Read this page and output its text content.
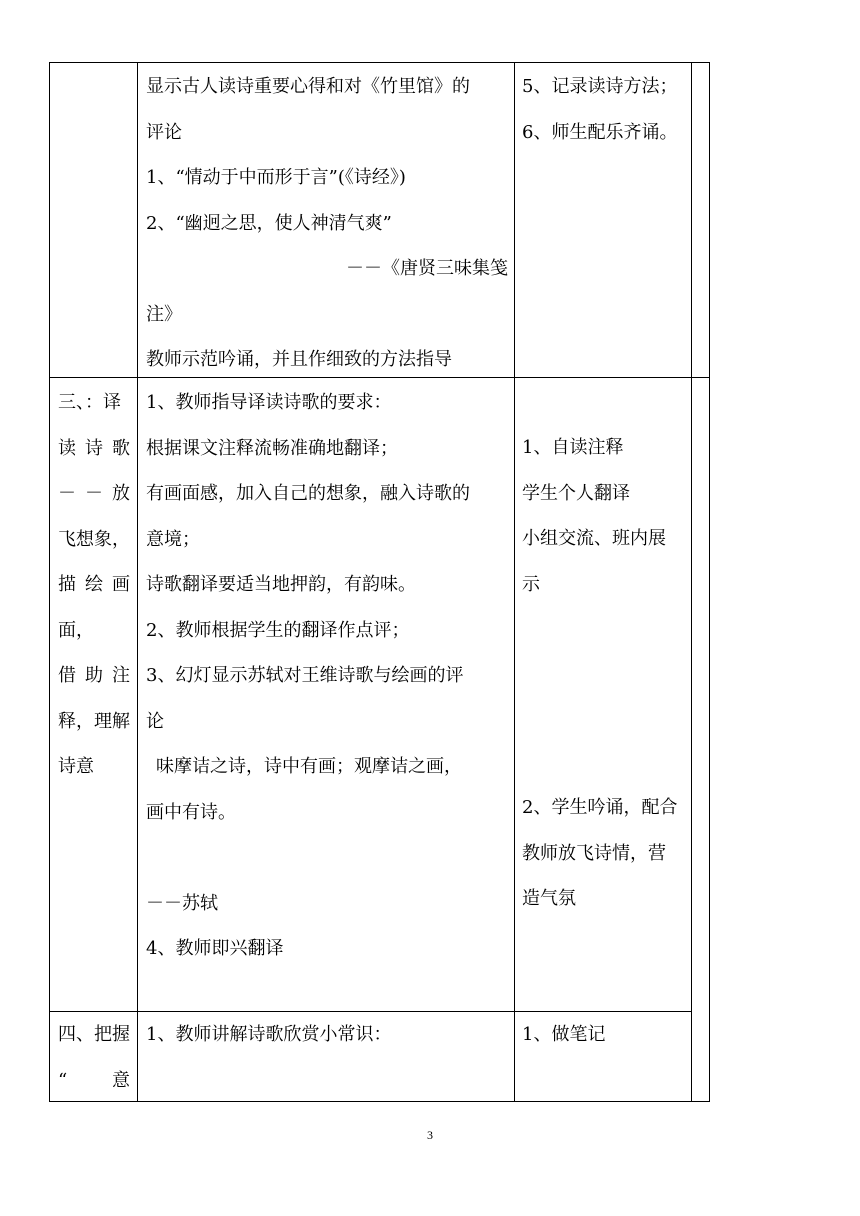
显示古人读诗重要心得和对《竹里馆》的
评论
1、“情动于中而形于言”(《诗经》)
2、“幽迥之思，使人神清气爽”
－－《唐贤三味集笺
注》
教师示范吟诵，并且作细致的方法指导
5、记录读诗方法；
6、师生配乐齐诵。
三、：译
读 诗 歌
－ － 放
飞想象，
描 绘 画
面，
借 助 注
释，理解
诗意
1、教师指导译读诗歌的要求：
根据课文注释流畅准确地翻译；
有画面感，加入自己的想象，融入诗歌的
意境；
诗歌翻译要适当地押韵，有韵味。
2、教师根据学生的翻译作点评；
3、幻灯显示苏轼对王维诗歌与绘画的评
论
味摩诘之诗，诗中有画；观摩诘之画，
画中有诗。
－－苏轼
4、教师即兴翻译
1、自读注释
学生个人翻译
小组交流、班内展
示
2、学生吟诵，配合
教师放飞诗情，营
造气氛
四、把握
“ 　 意
1、教师讲解诗歌欣赏小常识：	1、做笔记
3
